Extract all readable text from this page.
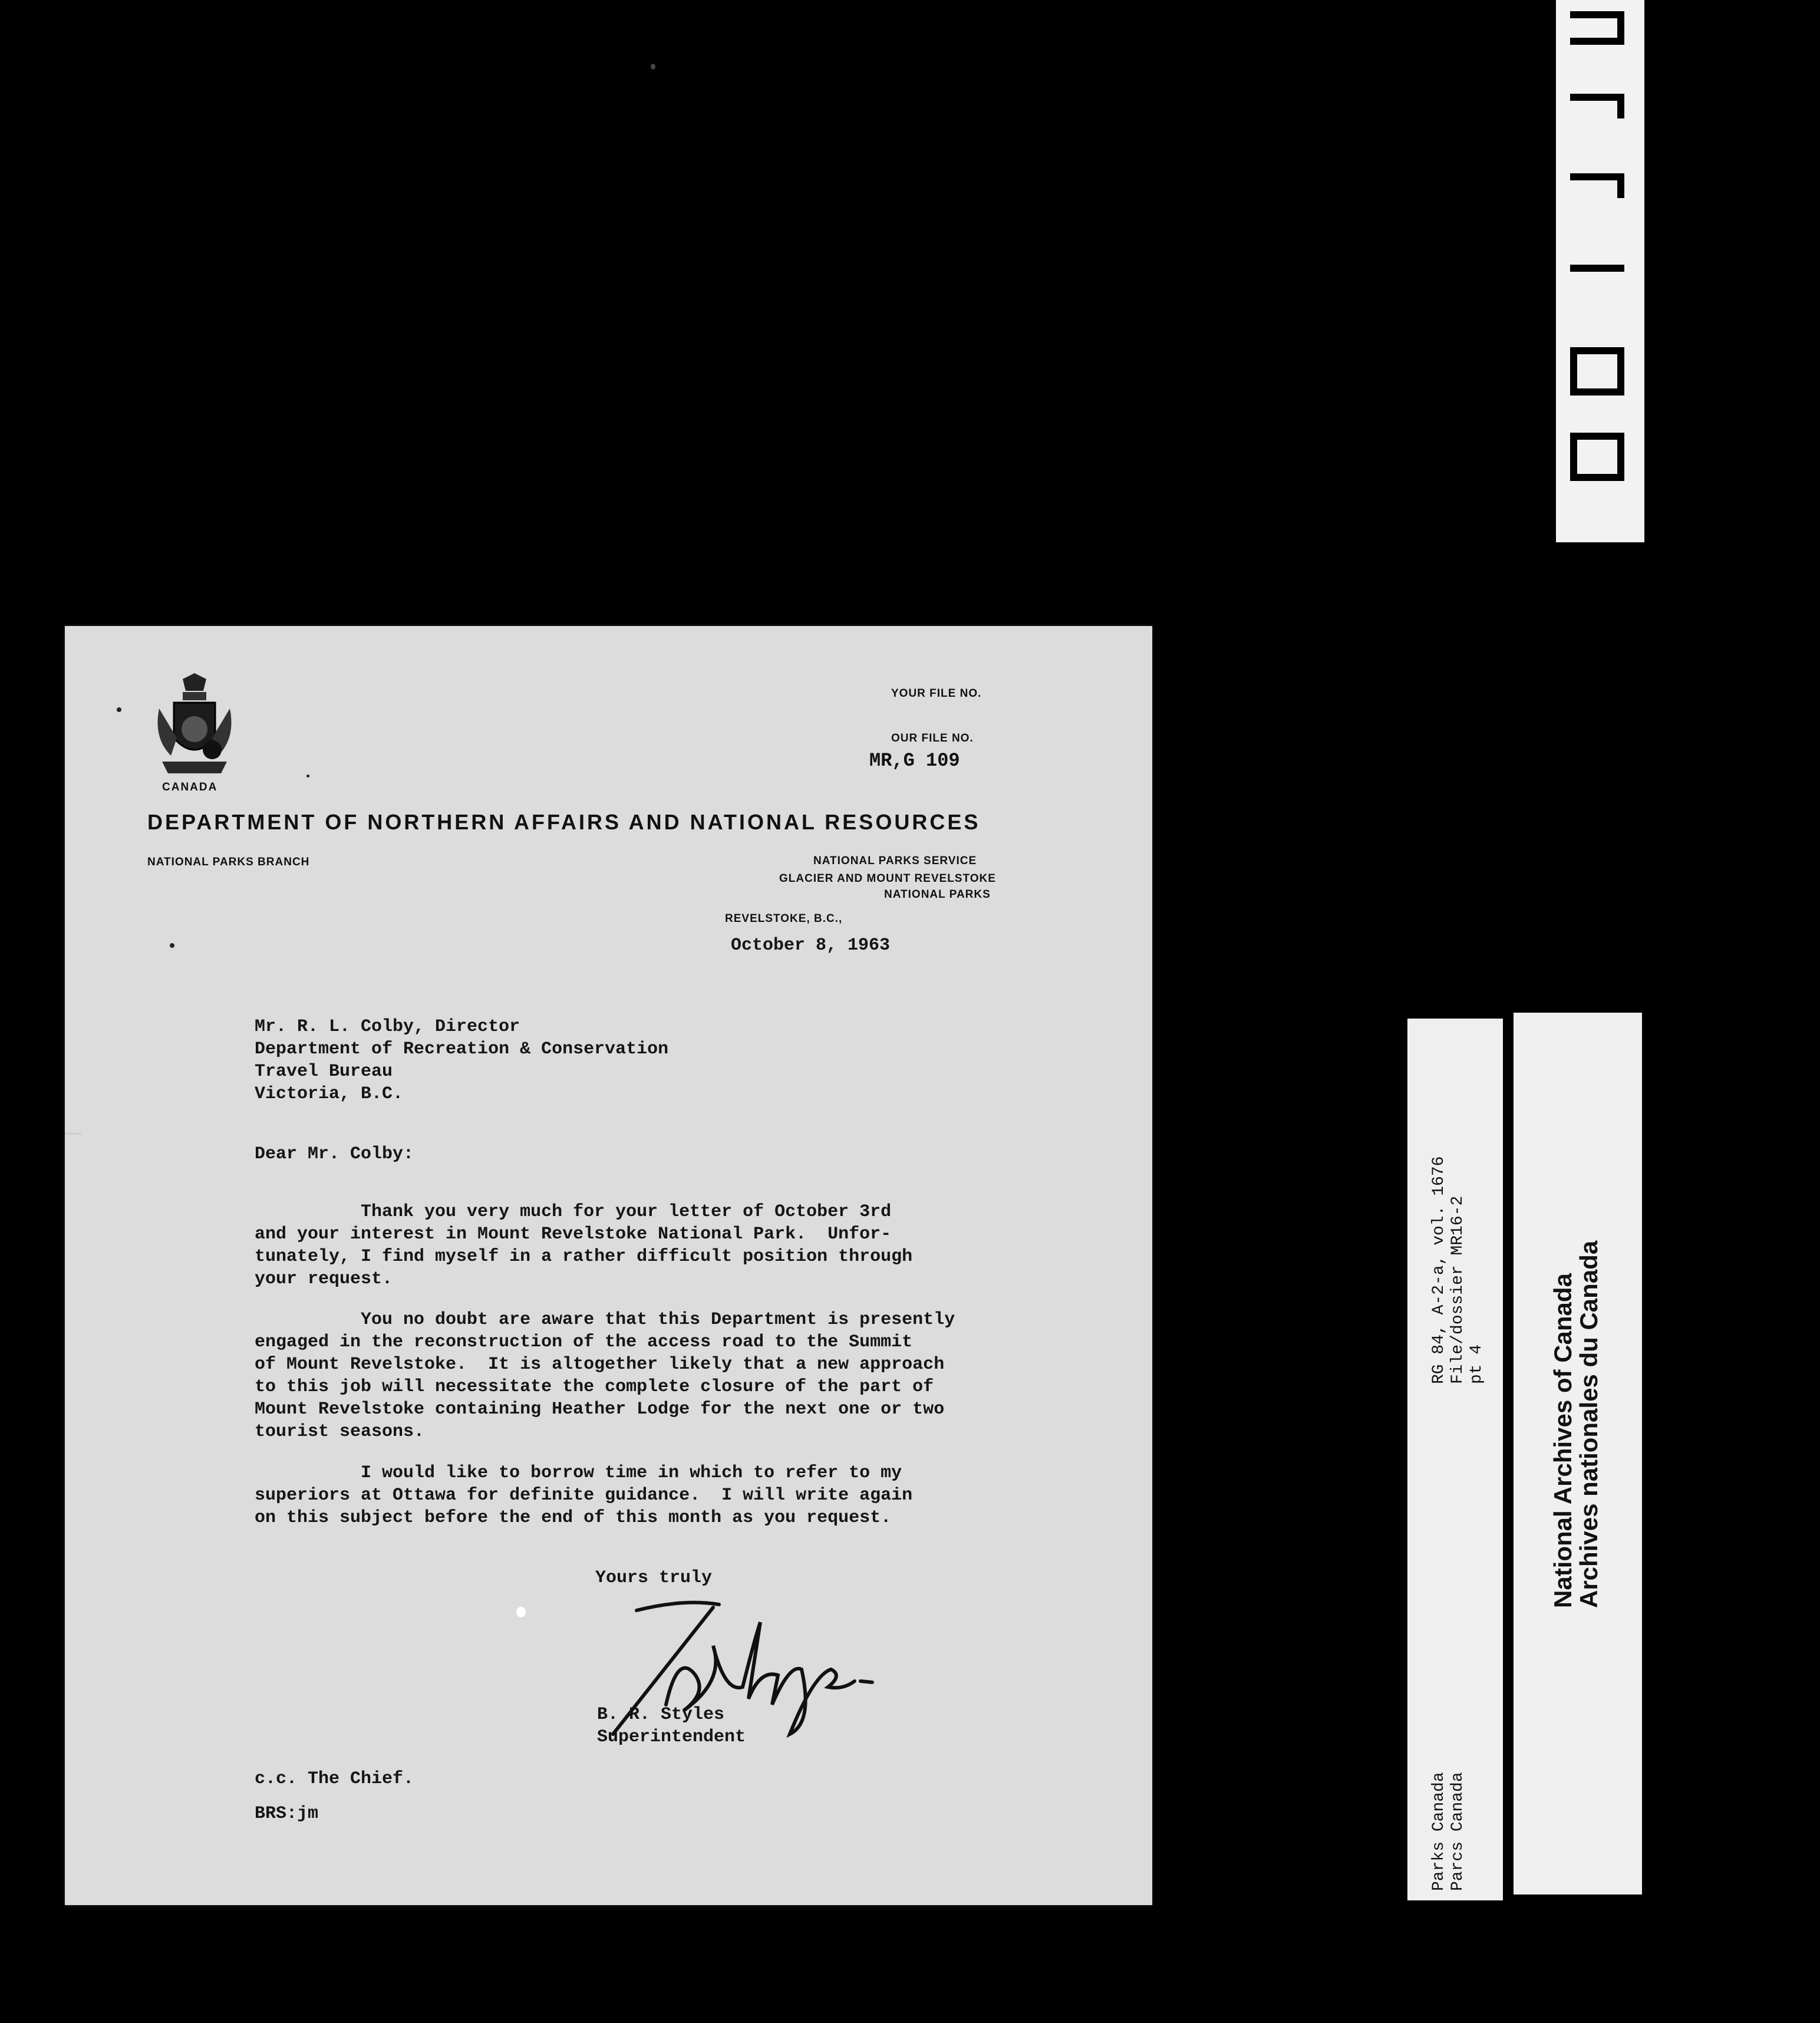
CANADA
YOUR FILE NO.
OUR FILE NO.
MR,G 109
DEPARTMENT OF NORTHERN AFFAIRS AND NATIONAL RESOURCES
NATIONAL PARKS BRANCH	NATIONAL PARKS SERVICE
GLACIER AND MOUNT REVELSTOKE
NATIONAL PARKS
REVELSTOKE, B.C.,
October 8, 1963
Mr. R. L. Colby, Director
Department of Recreation & Conservation
Travel Bureau
Victoria, B.C.
Dear Mr. Colby:
Thank you very much for your letter of October 3rd
and your interest in Mount Revelstoke National Park.  Unfor-
tunately, I find myself in a rather difficult position through
your request.
You no doubt are aware that this Department is presently
engaged in the reconstruction of the access road to the Summit
of Mount Revelstoke.  It is altogether likely that a new approach
to this job will necessitate the complete closure of the part of
Mount Revelstoke containing Heather Lodge for the next one or two
tourist seasons.
I would like to borrow time in which to refer to my
superiors at Ottawa for definite guidance.  I will write again
on this subject before the end of this month as you request.
Yours truly
B. R. Styles
Superintendent
c.c. The Chief.
BRS:jm
RG 84, A-2-a, vol. 1676 File/dossier MR16-2 pt 4
Parks Canada Parcs Canada
National Archives of Canada
Archives nationales du Canada
